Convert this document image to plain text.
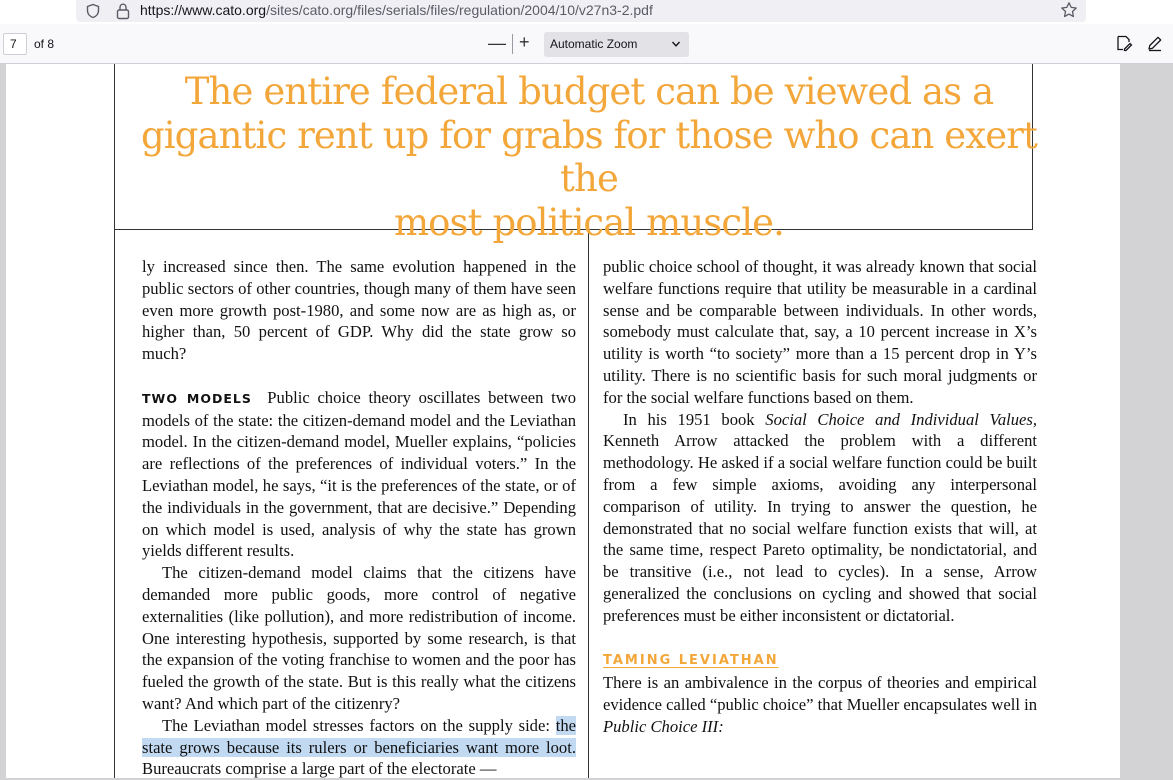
https://www.cato.org/sites/cato.org/files/serials/files/regulation/2004/10/v27n3-2.pdf
7	of 8	— +	Automatic Zoom
The entire federal budget can be viewed as a
gigantic rent up for grabs for those who can exert the
most political muscle.

ly increased since then. The same evolution happened in the public sectors of other countries, though many of them have seen even more growth post-1980, and some now are as high as, or higher than, 50 percent of GDP. Why did the state grow so much?

TWO MODELS Public choice theory oscillates between two models of the state: the citizen-demand model and the Leviathan model. In the citizen-demand model, Mueller explains, “policies are reflections of the preferences of individual voters.” In the Leviathan model, he says, “it is the preferences of the state, or of the individuals in the government, that are decisive.” Depending on which model is used, analysis of why the state has grown yields different results.

The citizen-demand model claims that the citizens have demanded more public goods, more control of negative externalities (like pollution), and more redistribution of income. One interesting hypothesis, supported by some research, is that the expansion of the voting franchise to women and the poor has fueled the growth of the state. But is this really what the citizens want? And which part of the citizenry?

The Leviathan model stresses factors on the supply side: the state grows because its rulers or beneficiaries want more loot. Bureaucrats comprise a large part of the electorate —

public choice school of thought, it was already known that social welfare functions require that utility be measurable in a cardinal sense and be comparable between individuals. In other words, somebody must calculate that, say, a 10 percent increase in X’s utility is worth “to society” more than a 15 percent drop in Y’s utility. There is no scientific basis for such moral judgments or for the social welfare functions based on them.

In his 1951 book Social Choice and Individual Values, Kenneth Arrow attacked the problem with a different methodology. He asked if a social welfare function could be built from a few simple axioms, avoiding any interpersonal comparison of utility. In trying to answer the question, he demonstrated that no social welfare function exists that will, at the same time, respect Pareto optimality, be nondictatorial, and be transitive (i.e., not lead to cycles). In a sense, Arrow generalized the conclusions on cycling and showed that social preferences must be either inconsistent or dictatorial.

TAMING LEVIATHAN

There is an ambivalence in the corpus of theories and empirical evidence called “public choice” that Mueller encapsulates well in Public Choice III:
